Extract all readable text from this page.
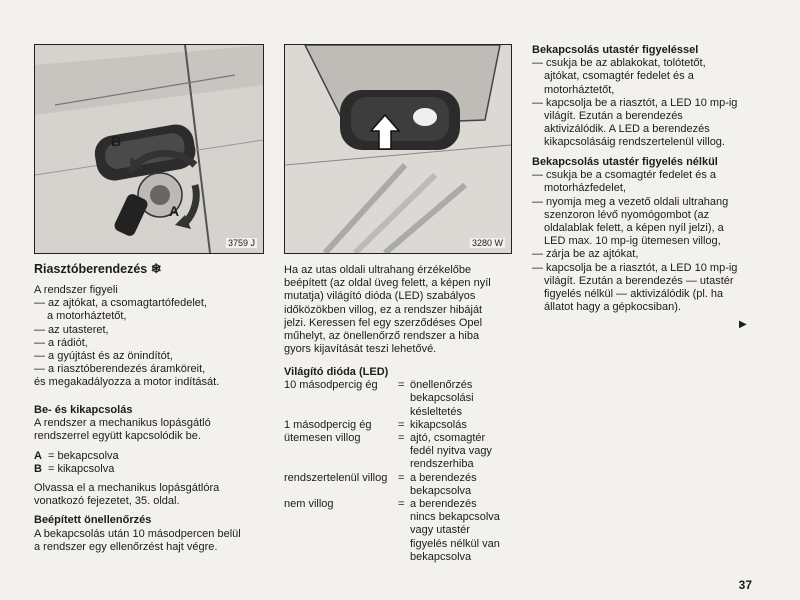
B
A
3759 J	3280 W
Riasztóberendezés ❄

A rendszer figyeli

— az ajtókat, a csomagtartófedelet,

a motorháztetőt,

— az utasteret,

— a rádiót,

— a gyújtást és az önindítót,

— a riasztóberendezés áramköreit,

és megakadályozza a motor indítását.

Be- és kikapcsolás

A rendszer a mechanikus lopásgátló

rendszerrel együtt kapcsolódik be.

A = bekapcsolva
B = kikapcsolva

Olvassa el a mechanikus lopásgátlóra

vonatkozó fejezetet, 35. oldal.

Beépített önellenőrzés

A bekapcsolás után 10 másodpercen belül

a rendszer egy ellenőrzést hajt végre.

Ha az utas oldali ultrahang érzékelőbe

beépített (az oldal üveg felett, a képen nyíl

mutatja) világító dióda (LED) szabályos

időközökben villog, ez a rendszer hibáját

jelzi. Keressen fel egy szerződéses Opel

műhelyt, az önellenőrző rendszer a hiba

gyors kijavítását teszi lehetővé.

Világító dióda (LED)

10 másodpercig ég	= önellenőrzés
bekapcsolási
késleltetés
1 másodpercig ég	= kikapcsolás
ütemesen villog	= ajtó, csomagtér
fedél nyitva vagy
rendszerhiba
rendszertelenül villog = a berendezés
bekapcsolva
nem villog	= a berendezés
nincs bekapcsolva
vagy utastér
figyelés nélkül van
bekapcsolva

Bekapcsolás utastér figyeléssel

— csukja be az ablakokat, tolótetőt,

ajtókat, csomagtér fedelet és a

motorháztetőt,

— kapcsolja be a riasztót, a LED 10 mp-ig

világít. Ezután a berendezés

aktivizálódik. A LED a berendezés

kikapcsolásáig rendszertelenül villog.

Bekapcsolás utastér figyelés nélkül

— csukja be a csomagtér fedelet és a

motorházfedelet,

— nyomja meg a vezető oldali ultrahang

szenzoron lévő nyomógombot (az

oldalablak felett, a képen nyíl jelzi), a

LED max. 10 mp-ig ütemesen villog,

— zárja be az ajtókat,

— kapcsolja be a riasztót, a LED 10 mp-ig

világít. Ezután a berendezés — utastér

figyelés nélkül — aktivizálódik (pl. ha

állatot hagy a gépkocsiban).

▶
37
